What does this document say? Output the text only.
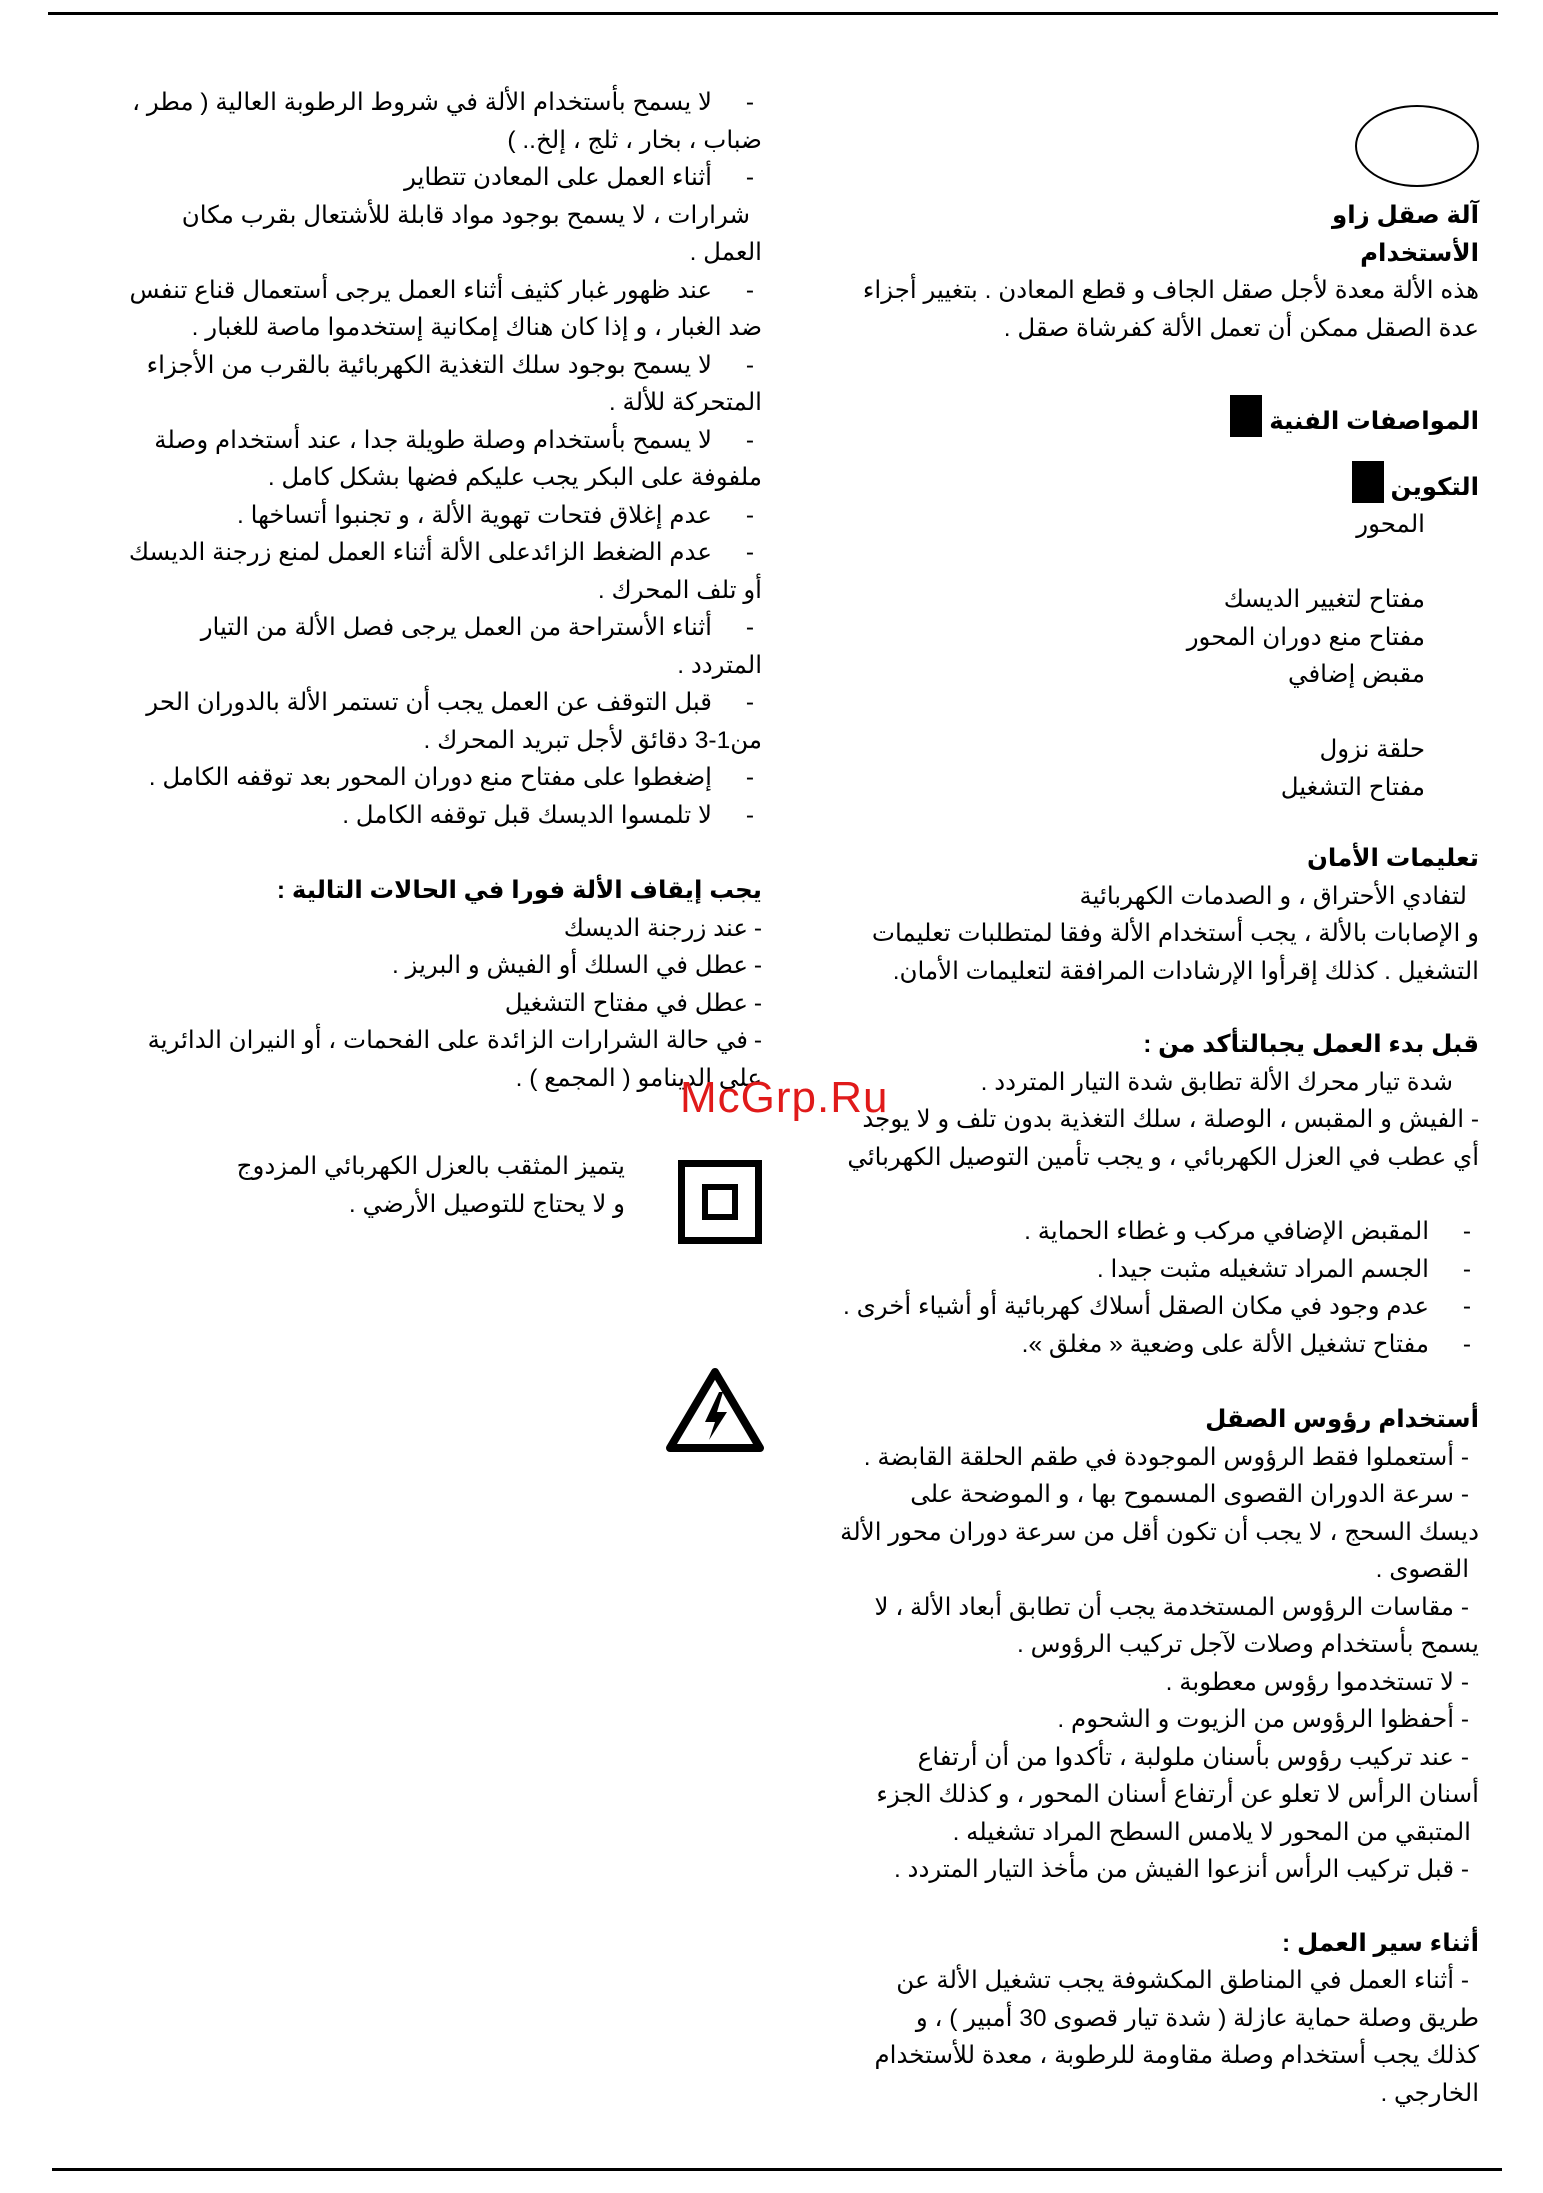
آلة صقل زاو

الأستخدام

هذه الألة معدة لأجل صقل الجاف و قطع المعادن . بتغيير أجزاء

عدة الصقل ممكن أن تعمل الألة كفرشاة صقل .

المواصفات الفنية

التكوين

المحور

مفتاح لتغيير الديسك

مفتاح منع دوران المحور

مقبض إضافي

حلقة نزول

مفتاح التشغيل

تعليمات الأمان

لتفادي الأحتراق ، و الصدمات الكهربائية

و الإصابات بالألة ، يجب أستخدام الألة وفقا لمتطلبات تعليمات

التشغيل . كذلك إقرأوا الإرشادات المرافقة لتعليمات الأمان.

قبل بدء العمل يجبالتأكد من :

شدة تيار محرك الألة تطابق شدة التيار المتردد .

- الفيش و المقبس ، الوصلة ، سلك التغذية بدون تلف و لا يوجد

أي عطب في العزل الكهربائي ، و يجب تأمين التوصيل الكهربائي

- المقبض الإضافي مركب و غطاء الحماية .

- الجسم المراد تشغيله مثبت جيدا .

- عدم وجود في مكان الصقل أسلاك كهربائية أو أشياء أخرى .

- مفتاح تشغيل الألة على وضعية « مغلق ».

أستخدام رؤوس الصقل

- أستعملوا فقط الرؤوس الموجودة في طقم الحلقة القابضة .

- سرعة الدوران القصوى المسموح بها ، و الموضحة على

ديسك السحج ، لا يجب أن تكون أقل من سرعة دوران محور الألة

القصوى .

- مقاسات الرؤوس المستخدمة يجب أن تطابق أبعاد الألة ، لا

يسمح بأستخدام وصلات لآجل تركيب الرؤوس .

- لا تستخدموا رؤوس معطوبة .

- أحفظوا الرؤوس من الزيوت و الشحوم .

- عند تركيب رؤوس بأسنان ملولبة ، تأكدوا من أن أرتفاع

أسنان الرأس لا تعلو عن أرتفاع أسنان المحور ، و كذلك الجزء

المتبقي من المحور لا يلامس السطح المراد تشغيله .

- قبل تركيب الرأس أنزعوا الفيش من مأخذ التيار المتردد .

أثناء سير العمل :

- أثناء العمل في المناطق المكشوفة يجب تشغيل الألة عن

طريق وصلة حماية عازلة ( شدة تيار قصوى 30 أمبير ) ، و

كذلك يجب أستخدام وصلة مقاومة للرطوبة ، معدة للأستخدام

الخارجي .

- لا يسمح بأستخدام الألة في شروط الرطوبة العالية ( مطر ،

ضباب ، بخار ، ثلج ، إلخ.. )

- أثناء العمل على المعادن تتطاير

شرارات ، لا يسمح بوجود مواد قابلة للأشتعال بقرب مكان

العمل .

- عند ظهور غبار كثيف أثناء العمل يرجى أستعمال قناع تنفس

ضد الغبار ، و إذا كان هناك إمكانية إستخدموا ماصة للغبار .

- لا يسمح بوجود سلك التغذية الكهربائية بالقرب من الأجزاء

المتحركة للألة .

- لا يسمح بأستخدام وصلة طويلة جدا ، عند أستخدام وصلة

ملفوفة على البكر يجب عليكم فضها بشكل كامل .

- عدم إغلاق فتحات تهوية الألة ، و تجنبوا أتساخها .

- عدم الضغط الزائدعلى الألة أثناء العمل لمنع زرجنة الديسك

أو تلف المحرك .

- أثناء الأستراحة من العمل يرجى فصل الألة من التيار

المتردد .

- قبل التوقف عن العمل يجب أن تستمر الألة بالدوران الحر

من1-3 دقائق لأجل تبريد المحرك .

- إضغطوا على مفتاح منع دوران المحور بعد توقفه الكامل .

- لا تلمسوا الديسك قبل توقفه الكامل .

يجب إيقاف الألة فورا في الحالات التالية :

- عند زرجنة الديسك

- عطل في السلك أو الفيش و البريز .

- عطل في مفتاح التشغيل

- في حالة الشرارات الزائدة على الفحمات ، أو النيران الدائرية

على الدينامو ( المجمع ) .

يتميز المثقب بالعزل الكهربائي المزدوج

و لا يحتاج للتوصيل الأرضي .

McGrp.Ru
